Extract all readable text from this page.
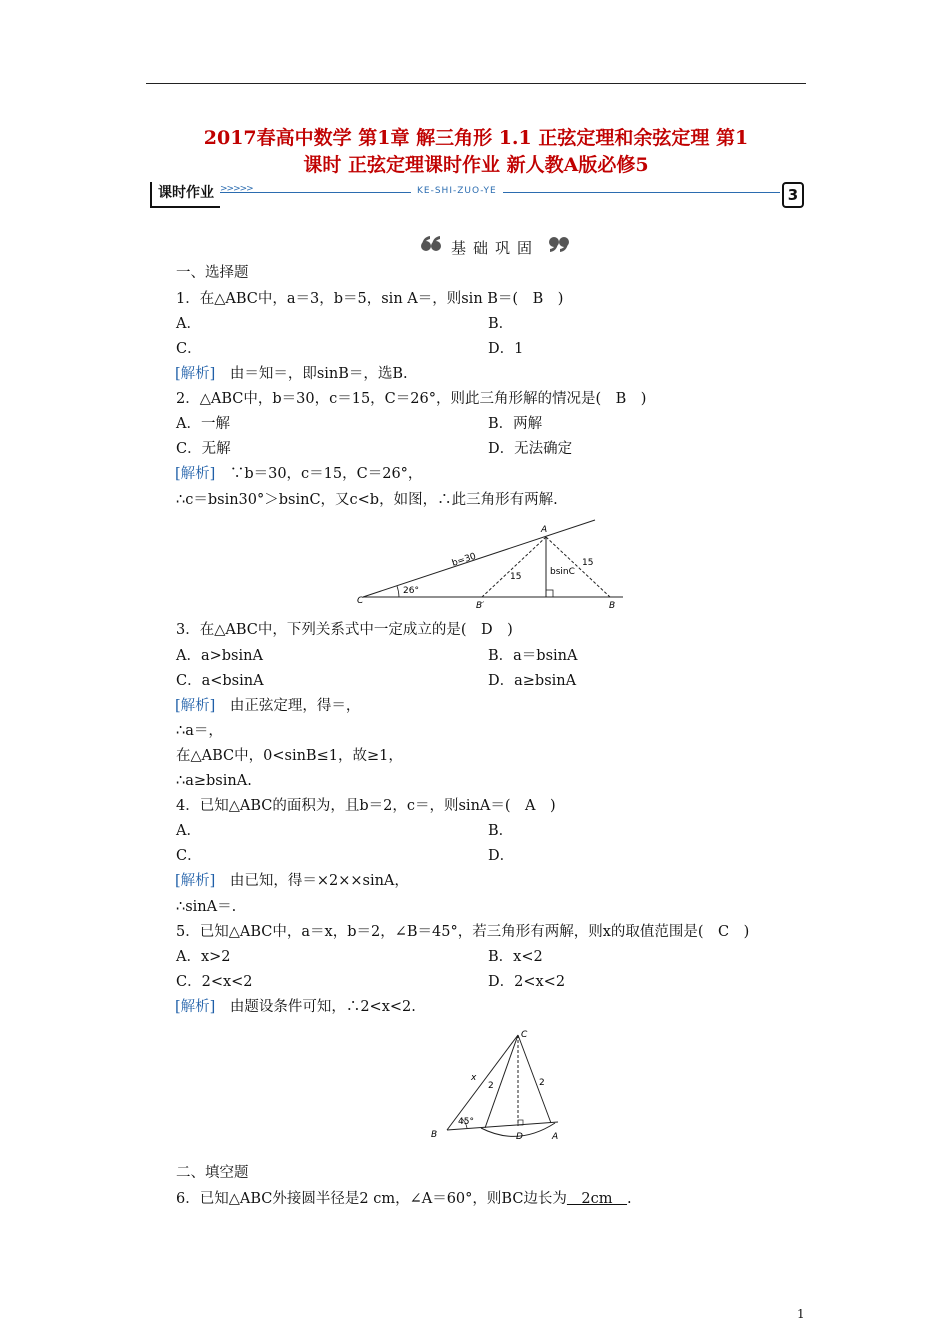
2017春高中数学 第1章 解三角形 1.1 正弦定理和余弦定理 第1
课时 正弦定理课时作业 新人教A版必修5
课时作业 >>>>>	KE-SHI-ZUO-YE	3
基础巩固
一、选择题
1．在△ABC中，a＝3，b＝5，sin A＝，则sin B＝(　B　)
A．	B．
C．	D．1
[解析]　由＝知＝，即sinB＝，选B.
2．△ABC中，b＝30，c＝15，C＝26°，则此三角形解的情况是(　B　)
A．一解	B．两解
C．无解	D．无法确定
[解析]　∵b＝30，c＝15，C＝26°，
∴c＝bsin30°＞bsinC，又c<b，如图，∴此三角形有两解.
3．在△ABC中，下列关系式中一定成立的是(　D　)
A．a>bsinA	B．a＝bsinA
C．a<bsinA	D．a≥bsinA
[解析]　由正弦定理，得＝，
∴a＝，
在△ABC中，0<sinB≤1，故≥1，
∴a≥bsinA.
4．已知△ABC的面积为，且b＝2，c＝，则sinA＝(　A　)
A．	B．
C．	D．
[解析]　由已知，得＝×2××sinA，
∴sinA＝.
5．已知△ABC中，a＝x，b＝2，∠B＝45°，若三角形有两解，则x的取值范围是(　C　)
A．x>2	B．x<2
C．2<x<2	D．2<x<2
[解析]　由题设条件可知，∴2<x<2.
二、填空题
6．已知△ABC外接圆半径是2 cm，∠A＝60°，则BC边长为　2cm　.
A
B
B′
C
b=30
15
15
bsinC
26°
C
B	A
D
x
2	2
45°
1
